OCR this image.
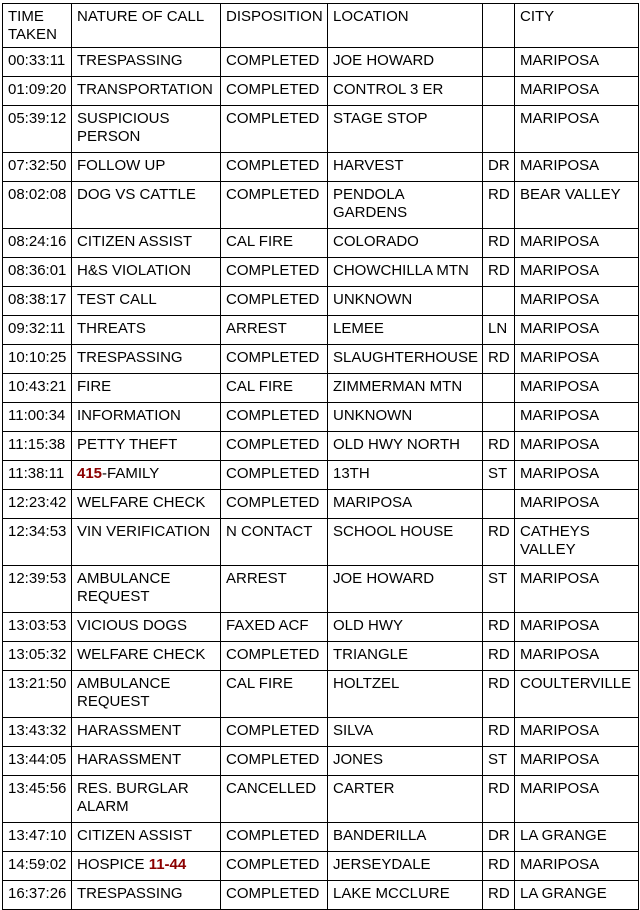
TIME TAKEN	NATURE OF CALL	DISPOSITION	LOCATION		CITY
00:33:11	TRESPASSING	COMPLETED	JOE HOWARD		MARIPOSA
01:09:20	TRANSPORTATION	COMPLETED	CONTROL 3 ER		MARIPOSA
05:39:12	SUSPICIOUS PERSON	COMPLETED	STAGE STOP		MARIPOSA
07:32:50	FOLLOW UP	COMPLETED	HARVEST	DR	MARIPOSA
08:02:08	DOG VS CATTLE	COMPLETED	PENDOLA GARDENS	RD	BEAR VALLEY
08:24:16	CITIZEN ASSIST	CAL FIRE	COLORADO	RD	MARIPOSA
08:36:01	H&S VIOLATION	COMPLETED	CHOWCHILLA MTN	RD	MARIPOSA
08:38:17	TEST CALL	COMPLETED	UNKNOWN		MARIPOSA
09:32:11	THREATS	ARREST	LEMEE	LN	MARIPOSA
10:10:25	TRESPASSING	COMPLETED	SLAUGHTERHOUSE	RD	MARIPOSA
10:43:21	FIRE	CAL FIRE	ZIMMERMAN MTN		MARIPOSA
11:00:34	INFORMATION	COMPLETED	UNKNOWN		MARIPOSA
11:15:38	PETTY THEFT	COMPLETED	OLD HWY NORTH	RD	MARIPOSA
11:38:11	415-FAMILY	COMPLETED	13TH	ST	MARIPOSA
12:23:42	WELFARE CHECK	COMPLETED	MARIPOSA		MARIPOSA
12:34:53	VIN VERIFICATION	N CONTACT	SCHOOL HOUSE	RD	CATHEYS VALLEY
12:39:53	AMBULANCE REQUEST	ARREST	JOE HOWARD	ST	MARIPOSA
13:03:53	VICIOUS DOGS	FAXED ACF	OLD HWY	RD	MARIPOSA
13:05:32	WELFARE CHECK	COMPLETED	TRIANGLE	RD	MARIPOSA
13:21:50	AMBULANCE REQUEST	CAL FIRE	HOLTZEL	RD	COULTERVILLE
13:43:32	HARASSMENT	COMPLETED	SILVA	RD	MARIPOSA
13:44:05	HARASSMENT	COMPLETED	JONES	ST	MARIPOSA
13:45:56	RES. BURGLAR ALARM	CANCELLED	CARTER	RD	MARIPOSA
13:47:10	CITIZEN ASSIST	COMPLETED	BANDERILLA	DR	LA GRANGE
14:59:02	HOSPICE 11-44	COMPLETED	JERSEYDALE	RD	MARIPOSA
16:37:26	TRESPASSING	COMPLETED	LAKE MCCLURE	RD	LA GRANGE
